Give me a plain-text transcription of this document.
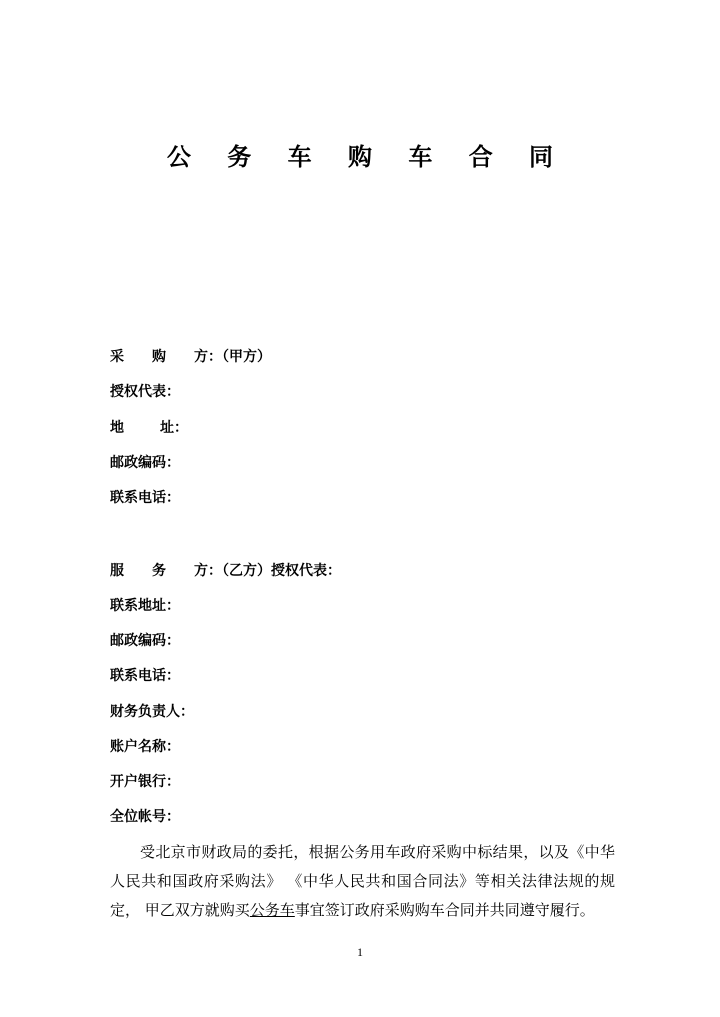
公 务 车 购 车 合 同
采 购 方：（甲方）
授权代表：
地	址：
邮政编码：
联系电话：
服 务 方：（乙方）授权代表：
联系地址：
邮政编码：
联系电话：
财务负责人：
账户名称：
开户银行：
全位帐号：
受北京市财政局的委托，根据公务用车政府采购中标结果，以及《中华人民共和国政府采购法》 《中华人民共和国合同法》等相关法律法规的规定， 甲乙双方就购买公务车事宜签订政府采购购车合同并共同遵守履行。
1
